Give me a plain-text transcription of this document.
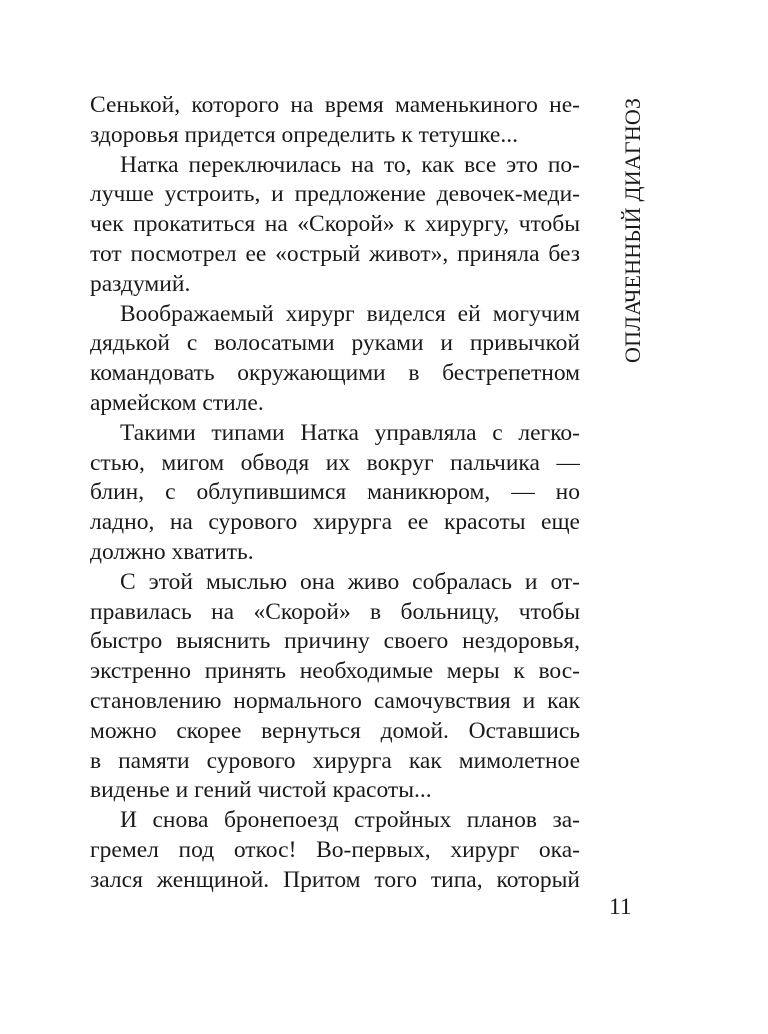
ОПЛАЧЕННЫЙ ДИАГНОЗ
Сенькой, которого на время маменькиного не-
здоровья придется определить к тетушке...
Натка переключилась на то, как все это по-
лучше устроить, и предложение девочек-меди-
чек прокатиться на «Скорой» к хирургу, чтобы
тот посмотрел ее «острый живот», приняла без
раздумий.
Воображаемый хирург виделся ей могучим
дядькой с волосатыми руками и привычкой
командовать окружающими в бестрепетном
армейском стиле.
Такими типами Натка управляла с легко-
стью, мигом обводя их вокруг пальчика —
блин, с облупившимся маникюром, — но
ладно, на сурового хирурга ее красоты еще
должно хватить.
С этой мыслью она живо собралась и от-
правилась на «Скорой» в больницу, чтобы
быстро выяснить причину своего нездоровья,
экстренно принять необходимые меры к вос-
становлению нормального самочувствия и как
можно скорее вернуться домой. Оставшись
в памяти сурового хирурга как мимолетное
виденье и гений чистой красоты...
И снова бронепоезд стройных планов за-
гремел под откос! Во-первых, хирург ока-
зался женщиной. Притом того типа, который
11
